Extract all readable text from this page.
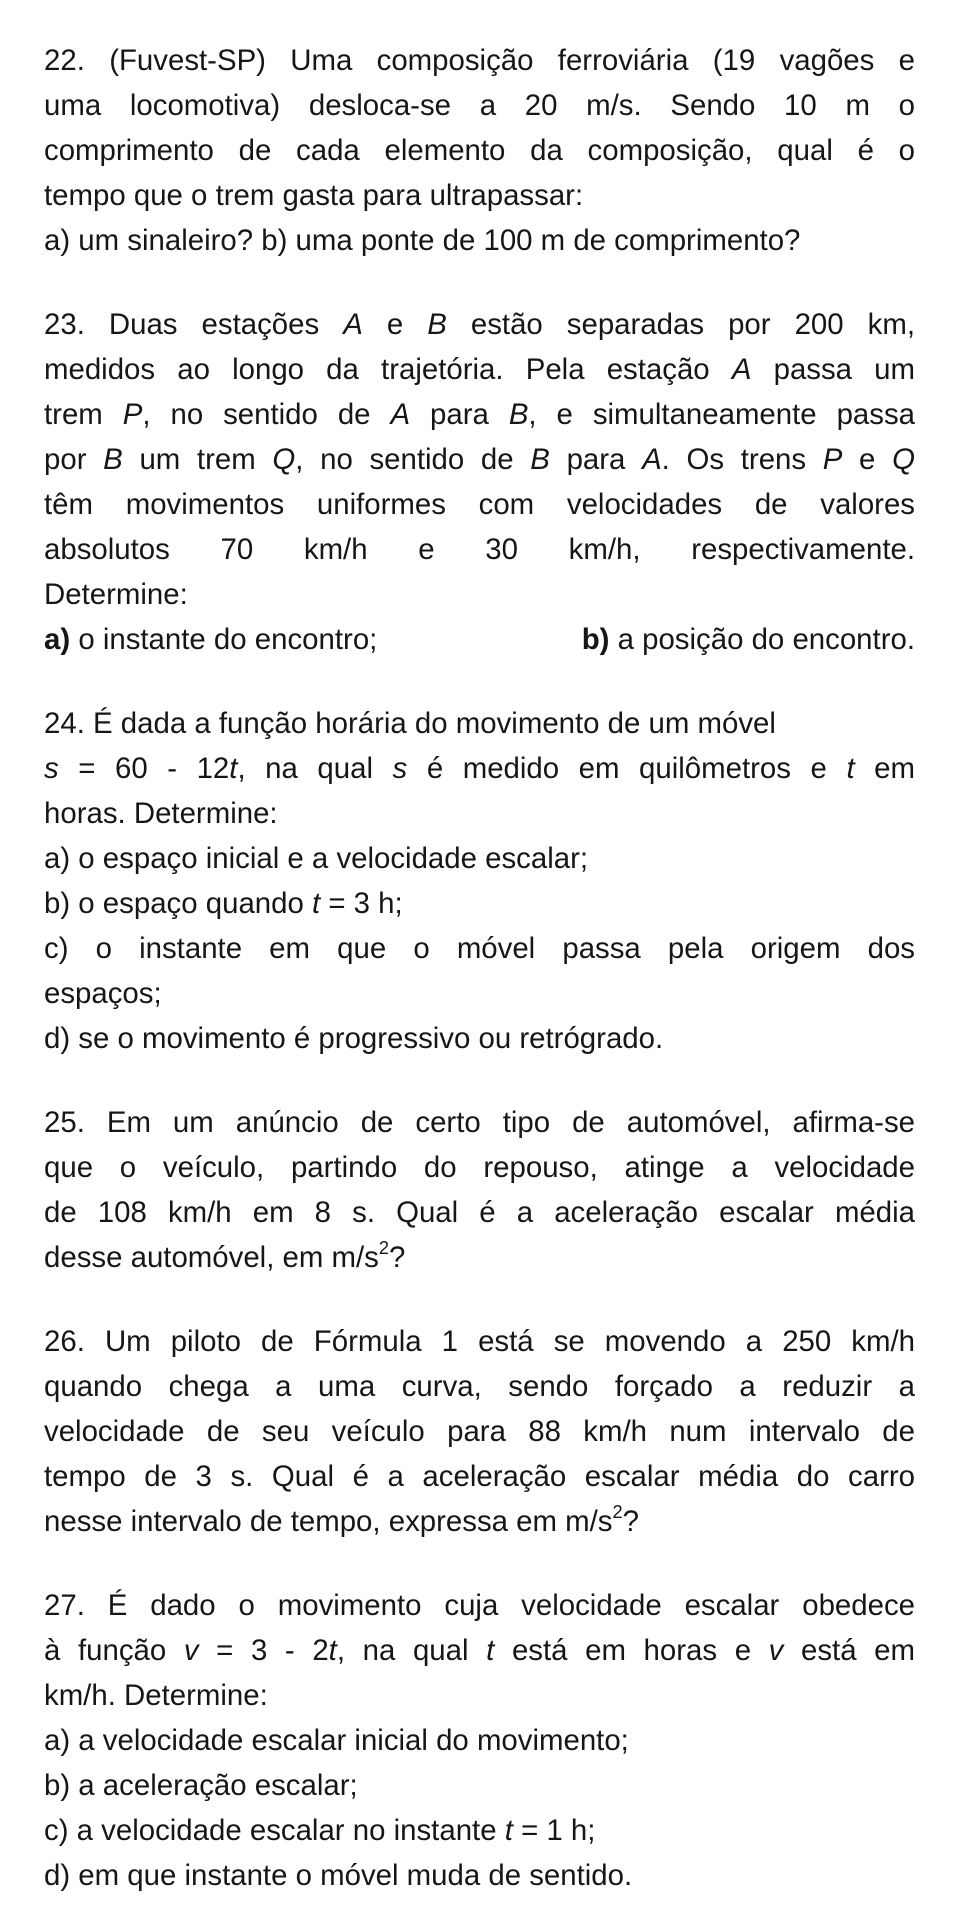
22. (Fuvest-SP) Uma composição ferroviária (19 vagões e
uma locomotiva) desloca-se a 20 m/s. Sendo 10 m o
comprimento de cada elemento da composição, qual é o
tempo que o trem gasta para ultrapassar:
a) um sinaleiro? b) uma ponte de 100 m de comprimento?
23. Duas estações A e B estão separadas por 200 km,
medidos ao longo da trajetória. Pela estação A passa um
trem P, no sentido de A para B, e simultaneamente passa
por B um trem Q, no sentido de B para A. Os trens P e Q
têm movimentos uniformes com velocidades de valores
absolutos 70 km/h e 30 km/h, respectivamente.
Determine:
a) o instante do encontro;	b) a posição do encontro.
24. É dada a função horária do movimento de um móvel
s = 60 - 12t, na qual s é medido em quilômetros e t em
horas. Determine:
a) o espaço inicial e a velocidade escalar;
b) o espaço quando t = 3 h;
c) o instante em que o móvel passa pela origem dos
espaços;
d) se o movimento é progressivo ou retrógrado.
25. Em um anúncio de certo tipo de automóvel, afirma-se
que o veículo, partindo do repouso, atinge a velocidade
de 108 km/h em 8 s. Qual é a aceleração escalar média
desse automóvel, em $m/s^2$?
26. Um piloto de Fórmula 1 está se movendo a 250 km/h
quando chega a uma curva, sendo forçado a reduzir a
velocidade de seu veículo para 88 km/h num intervalo de
tempo de 3 s. Qual é a aceleração escalar média do carro
nesse intervalo de tempo, expressa em $m/s^2$?
27. É dado o movimento cuja velocidade escalar obedece
à função v = 3 - 2t, na qual t está em horas e v está em
km/h. Determine:
a) a velocidade escalar inicial do movimento;
b) a aceleração escalar;
c) a velocidade escalar no instante t = 1 h;
d) em que instante o móvel muda de sentido.
